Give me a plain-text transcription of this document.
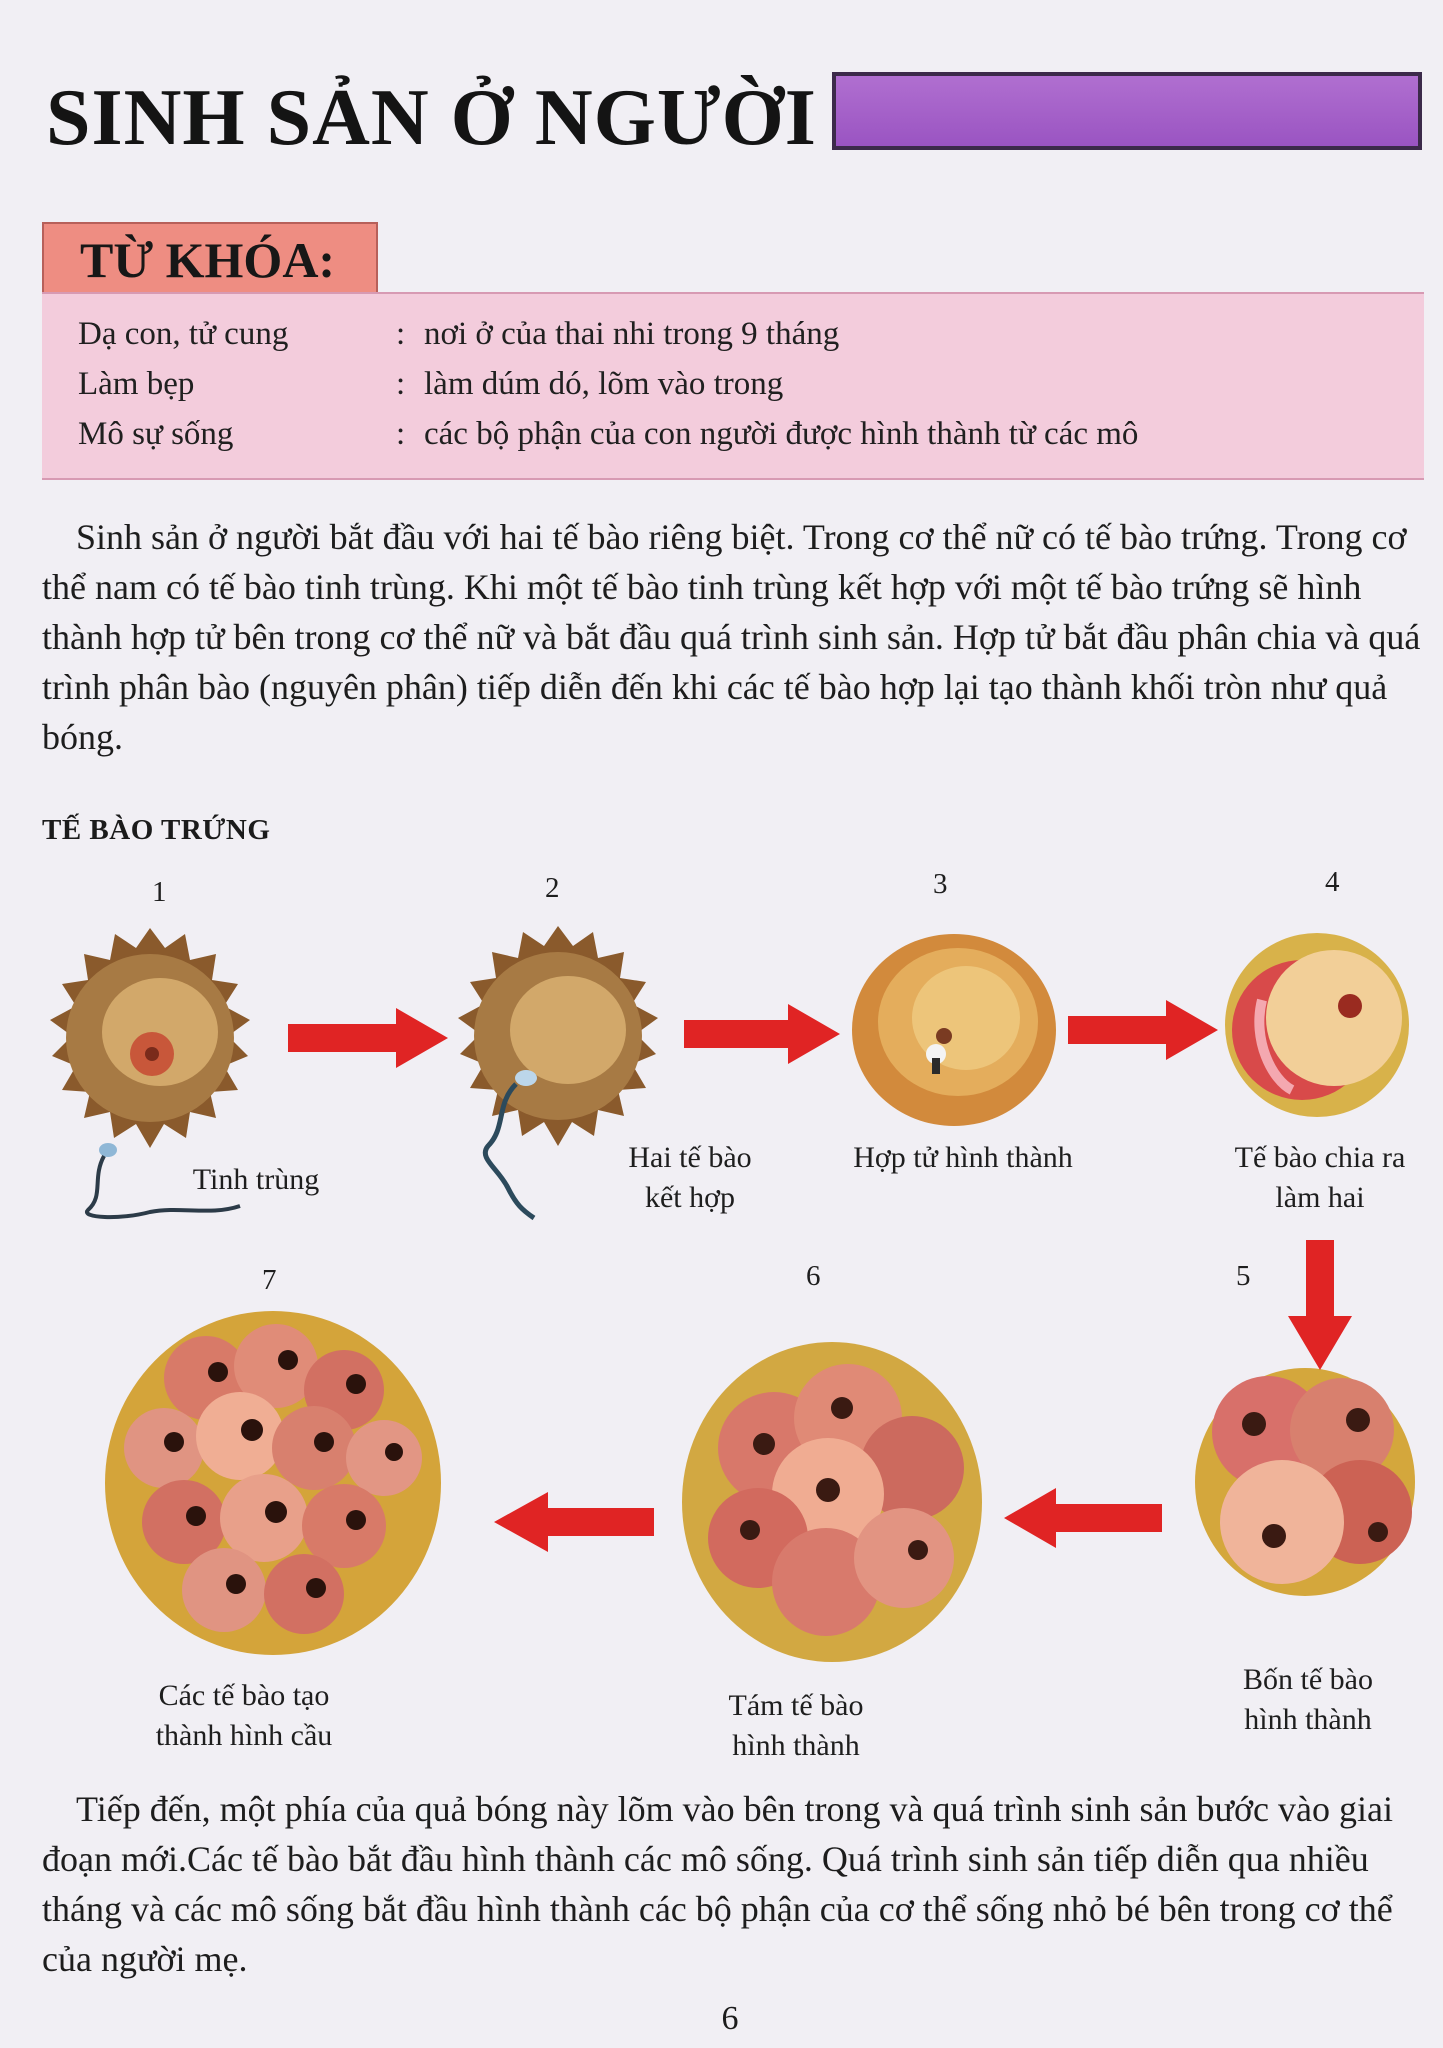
SINH SẢN Ở NGƯỜI
TỪ KHÓA:
Dạ con, tử cung	: nơi ở của thai nhi trong 9 tháng
Làm bẹp	: làm dúm dó, lõm vào trong
Mô sự sống	: các bộ phận của con người được hình thành từ các mô

Sinh sản ở người bắt đầu với hai tế bào riêng biệt. Trong cơ thể nữ có tế bào trứng. Trong cơ thể nam có tế bào tinh trùng. Khi một tế bào tinh trùng kết hợp với một tế bào trứng sẽ hình thành hợp tử bên trong cơ thể nữ và bắt đầu quá trình sinh sản. Hợp tử bắt đầu phân chia và quá trình phân bào (nguyên phân) tiếp diễn đến khi các tế bào hợp lại tạo thành khối tròn như quả bóng.

TẾ BÀO TRỨNG
1	2	3	4
5
6
7
Tinh trùng
Hai tế bào
kết hợp
Hợp tử hình thành	Tế bào chia ra
làm hai
Bốn tế bào
hình thành
Tám tế bào
hình thành
Các tế bào tạo
thành hình cầu

Tiếp đến, một phía của quả bóng này lõm vào bên trong và quá trình sinh sản bước vào giai đoạn mới.Các tế bào bắt đầu hình thành các mô sống. Quá trình sinh sản tiếp diễn qua nhiều tháng và các mô sống bắt đầu hình thành các bộ phận của cơ thể sống nhỏ bé bên trong cơ thể của người mẹ.

6
